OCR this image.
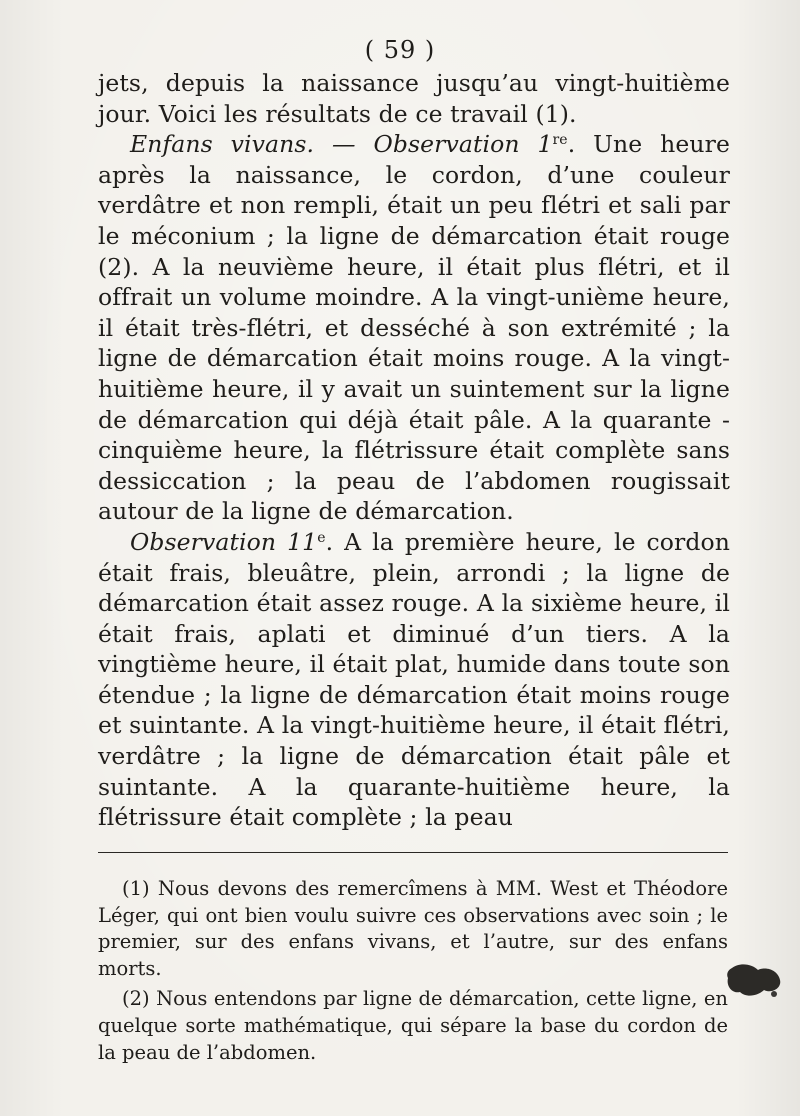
( 59 )

jets, depuis la naissance jusqu’au vingt-huitième jour. Voici les résultats de ce travail (1).

Enfans vivans. — Observation 1re. Une heure après la naissance, le cordon, d’une couleur verdâtre et non rempli, était un peu flétri et sali par le méconium ; la ligne de démarcation était rouge (2). A la neuvième heure, il était plus flétri, et il offrait un volume moindre. A la vingt-unième heure, il était très-flétri, et desséché à son extrémité ; la ligne de démarcation était moins rouge. A la vingt-huitième heure, il y avait un suintement sur la ligne de démarcation qui déjà était pâle. A la quarante - cinquième heure, la flétrissure était complète sans dessiccation ; la peau de l’abdomen rougissait autour de la ligne de démarcation.

Observation 11e. A la première heure, le cordon était frais, bleuâtre, plein, arrondi ; la ligne de démarcation était assez rouge. A la sixième heure, il était frais, aplati et diminué d’un tiers. A la vingtième heure, il était plat, humide dans toute son étendue ; la ligne de démarcation était moins rouge et suintante. A la vingt-huitième heure, il était flétri, verdâtre ; la ligne de démarcation était pâle et suintante. A la quarante-huitième heure, la flétrissure était complète ; la peau

(1) Nous devons des remercîmens à MM. West et Théodore Léger, qui ont bien voulu suivre ces observations avec soin ; le premier, sur des enfans vivans, et l’autre, sur des enfans morts.

(2) Nous entendons par ligne de démarcation, cette ligne, en quelque sorte mathématique, qui sépare la base du cordon de la peau de l’abdomen.
